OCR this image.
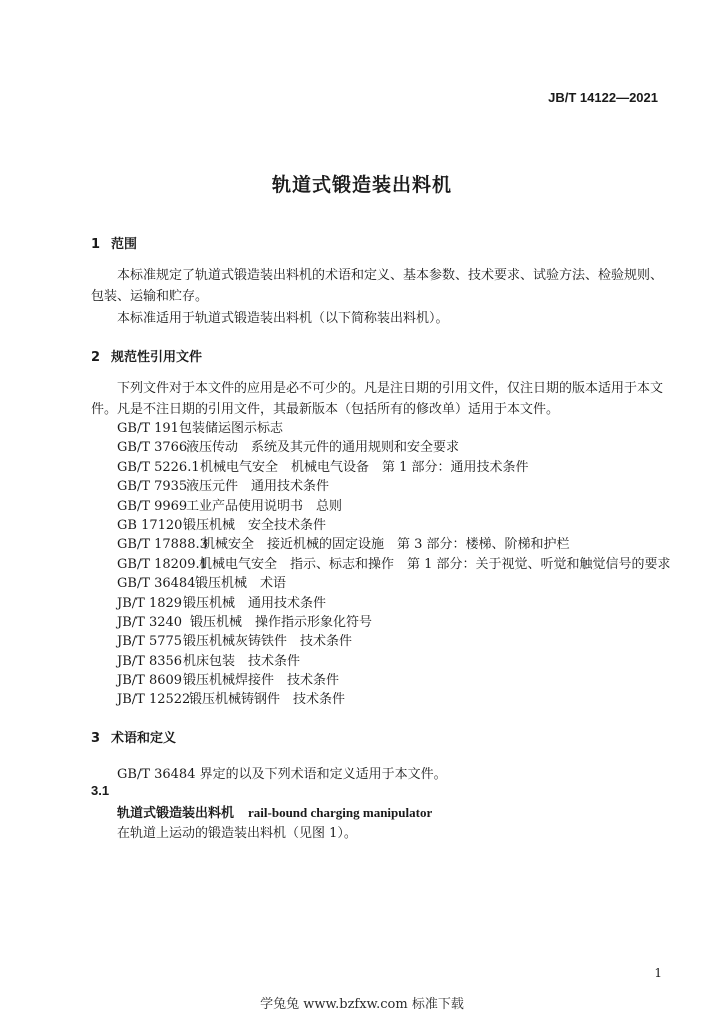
JB/T 14122—2021
轨道式锻造装出料机
1 范围
本标准规定了轨道式锻造装出料机的术语和定义、基本参数、技术要求、试验方法、检验规则、包装、运输和贮存。
本标准适用于轨道式锻造装出料机（以下简称装出料机）。
2 规范性引用文件
下列文件对于本文件的应用是必不可少的。凡是注日期的引用文件，仅注日期的版本适用于本文件。凡是不注日期的引用文件，其最新版本（包括所有的修改单）适用于本文件。
GB/T 191包装储运图示标志
GB/T 3766液压传动　系统及其元件的通用规则和安全要求
GB/T 5226.1机械电气安全　机械电气设备　第 1 部分：通用技术条件
GB/T 7935液压元件　通用技术条件
GB/T 9969工业产品使用说明书　总则
GB 17120锻压机械　安全技术条件
GB/T 17888.3机械安全　接近机械的固定设施　第 3 部分：楼梯、阶梯和护栏
GB/T 18209.1机械电气安全　指示、标志和操作　第 1 部分：关于视觉、听觉和触觉信号的要求
GB/T 36484锻压机械　术语
JB/T 1829锻压机械　通用技术条件
JB/T 3240 锻压机械　操作指示形象化符号
JB/T 5775锻压机械灰铸铁件　技术条件
JB/T 8356机床包装　技术条件
JB/T 8609锻压机械焊接件　技术条件
JB/T 12522锻压机械铸钢件　技术条件
3 术语和定义
GB/T 36484 界定的以及下列术语和定义适用于本文件。
3.1
轨道式锻造装出料机 rail-bound charging manipulator
在轨道上运动的锻造装出料机（见图 1）。
1
学兔兔 www.bzfxw.com 标准下载
